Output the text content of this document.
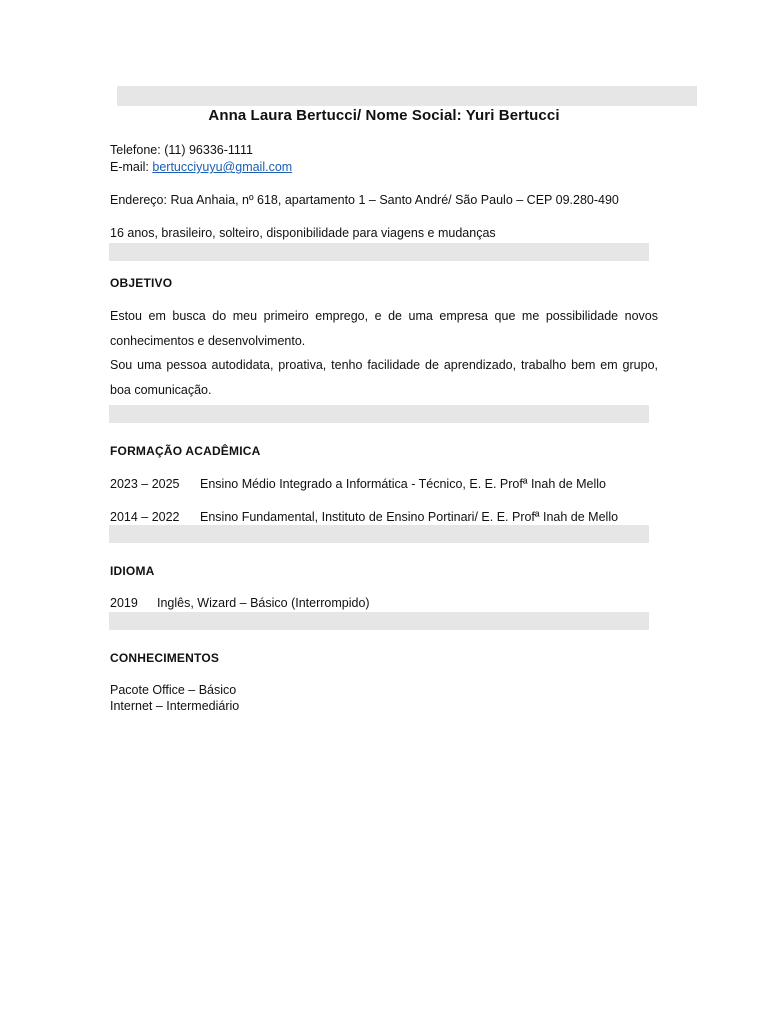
Anna Laura Bertucci/ Nome Social: Yuri Bertucci
Telefone: (11) 96336-1111
E-mail: bertucciyuyu@gmail.com
Endereço: Rua Anhaia, nº 618, apartamento 1 – Santo André/ São Paulo – CEP 09.280-490
16 anos, brasileiro, solteiro, disponibilidade para viagens e mudanças
OBJETIVO
Estou em busca do meu primeiro emprego, e de uma empresa que me possibilidade novos conhecimentos e desenvolvimento.
Sou uma pessoa autodidata, proativa, tenho facilidade de aprendizado, trabalho bem em grupo, boa comunicação.
FORMAÇÃO ACADÊMICA
2023 – 2025 Ensino Médio Integrado a Informática - Técnico, E. E. Profª Inah de Mello
2014 – 2022 Ensino Fundamental, Instituto de Ensino Portinari/ E. E. Profª Inah de Mello
IDIOMA
2019 Inglês, Wizard – Básico (Interrompido)
CONHECIMENTOS
Pacote Office – Básico
Internet – Intermediário
